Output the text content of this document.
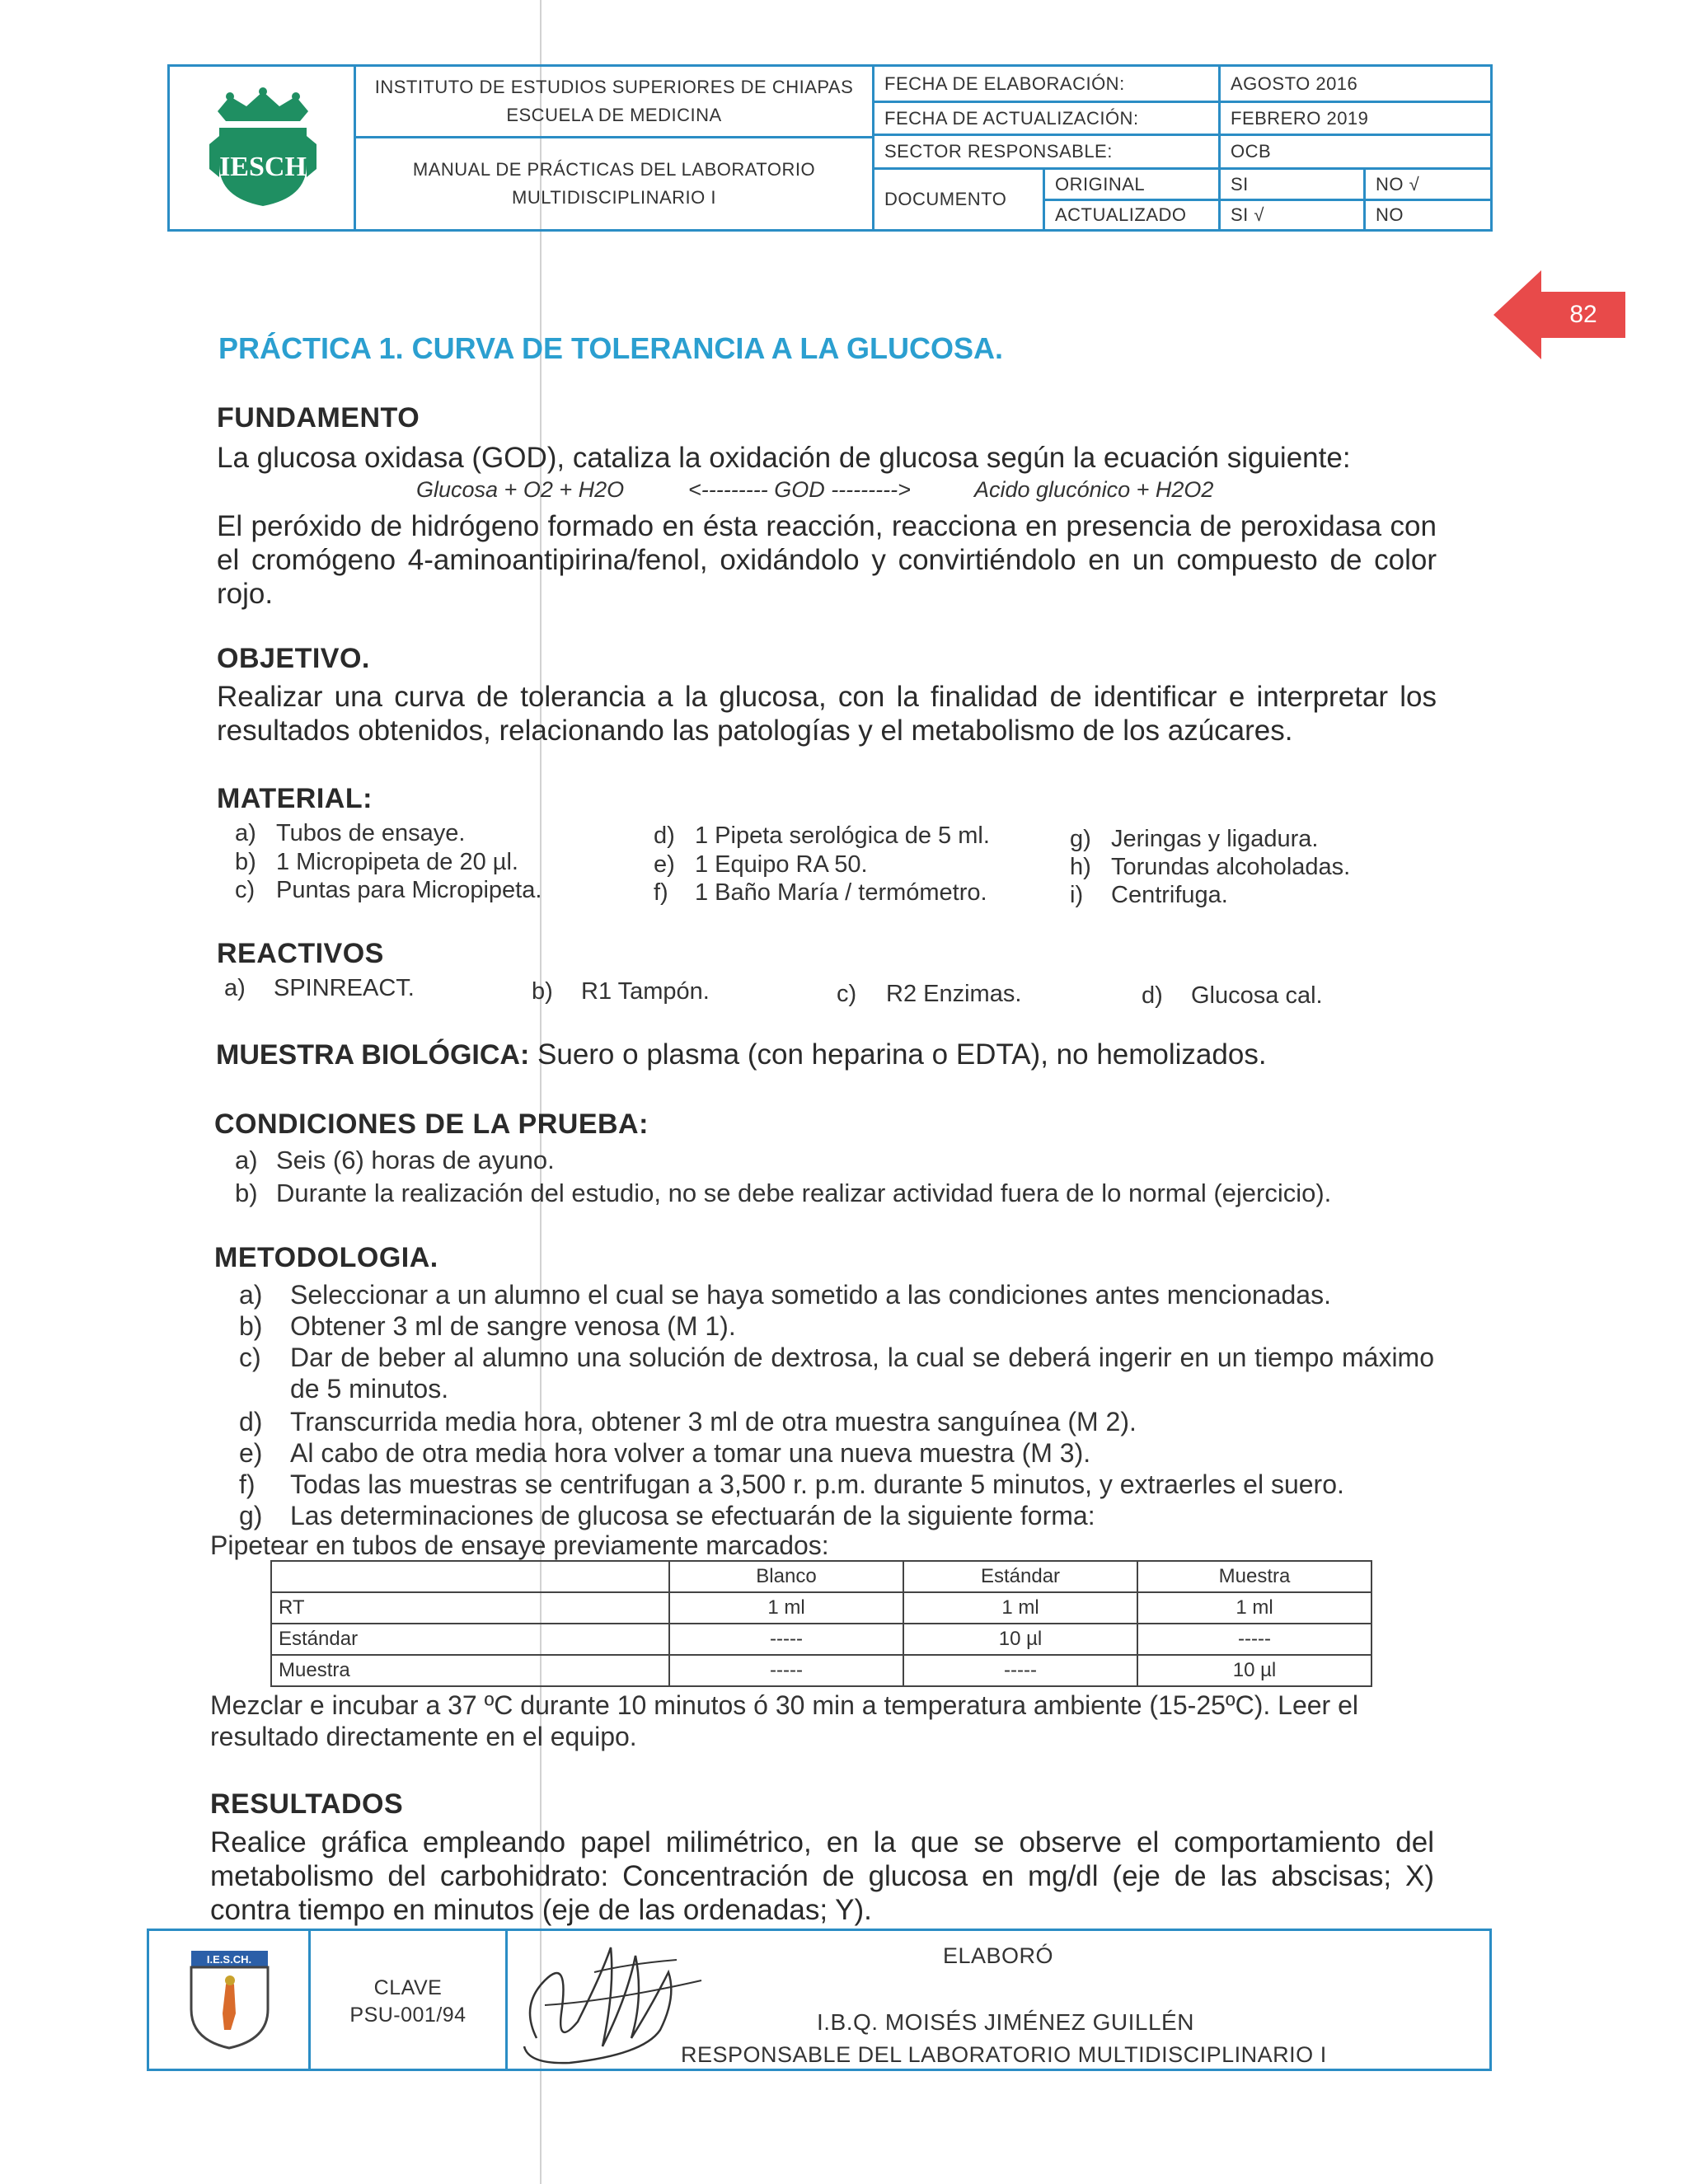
IESCH
INSTITUTO DE ESTUDIOS SUPERIORES DE CHIAPAS
ESCUELA DE MEDICINA
MANUAL DE PRÁCTICAS DEL LABORATORIO
MULTIDISCIPLINARIO I
FECHA DE ELABORACIÓN:	AGOSTO 2016
FECHA DE ACTUALIZACIÓN:	FEBRERO 2019
SECTOR RESPONSABLE:	OCB
DOCUMENTO
ORIGINAL	SI	NO √
ACTUALIZADO	SI √	NO
82
PRÁCTICA 1. CURVA DE TOLERANCIA A LA GLUCOSA.
FUNDAMENTO
La glucosa oxidasa (GOD), cataliza la oxidación de glucosa según la ecuación siguiente:
Glucosa + O2 + H2O	<--------- GOD --------->	Acido glucónico + H2O2
El peróxido de hidrógeno formado en ésta reacción, reacciona en presencia de peroxidasa con el cromógeno 4-aminoantipirina/fenol, oxidándolo y convirtiéndolo en un compuesto de color rojo.
OBJETIVO.
Realizar una curva de tolerancia a la glucosa, con la finalidad de identificar e interpretar los resultados obtenidos, relacionando las patologías y el metabolismo de los azúcares.
MATERIAL:
a) Tubos de ensaye.
b) 1 Micropipeta de 20 µl.
c) Puntas para Micropipeta.
d) 1 Pipeta serológica de 5 ml.
e) 1 Equipo RA 50.
f) 1 Baño María / termómetro.
g) Jeringas y ligadura.
h) Torundas alcoholadas.
i) Centrifuga.
REACTIVOS
a) SPINREACT.	b) R1 Tampón.	c) R2 Enzimas.	d) Glucosa cal.
MUESTRA BIOLÓGICA: Suero o plasma (con heparina o EDTA), no hemolizados.
CONDICIONES DE LA PRUEBA:
a) Seis (6) horas de ayuno.
b) Durante la realización del estudio, no se debe realizar actividad fuera de lo normal (ejercicio).
METODOLOGIA.
a)	Seleccionar a un alumno el cual se haya sometido a las condiciones antes mencionadas.
b)	Obtener 3 ml de sangre venosa (M 1).
c)	Dar de beber al alumno una solución de dextrosa, la cual se deberá ingerir en un tiempo máximo de 5 minutos.
d)	Transcurrida media hora, obtener 3 ml de otra muestra sanguínea (M 2).
e)	Al cabo de otra media hora volver a tomar una nueva muestra (M 3).
f)	Todas las muestras se centrifugan a 3,500 r. p.m. durante 5 minutos, y extraerles el suero.
g)	Las determinaciones de glucosa se efectuarán de la siguiente forma:
Pipetear en tubos de ensaye previamente marcados:
	Blanco	Estándar	Muestra
RT	1 ml	1 ml	1 ml
Estándar	-----	10 µl	-----
Muestra	-----	-----	10 µl
Mezclar e incubar a 37 ºC durante 10 minutos ó 30 min a temperatura ambiente (15-25ºC). Leer el resultado directamente en el equipo.
RESULTADOS
Realice gráfica empleando papel milimétrico, en la que se observe el comportamiento del metabolismo del carbohidrato: Concentración de glucosa en mg/dl (eje de las abscisas; X) contra tiempo en minutos (eje de las ordenadas; Y).
I.E.S.CH.
CLAVE
PSU-001/94
ELABORÓ
I.B.Q. MOISÉS JIMÉNEZ GUILLÉN
RESPONSABLE DEL LABORATORIO MULTIDISCIPLINARIO I
